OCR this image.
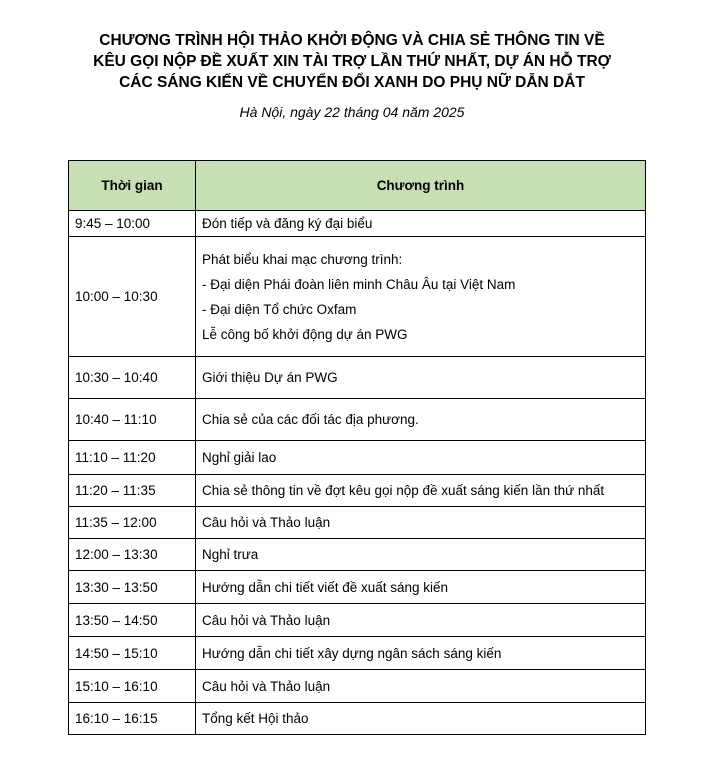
CHƯƠNG TRÌNH HỘI THẢO KHỞI ĐỘNG VÀ CHIA SẺ THÔNG TIN VỀ
KÊU GỌI NỘP ĐỀ XUẤT XIN TÀI TRỢ LẦN THỨ NHẤT, DỰ ÁN HỖ TRỢ
CÁC SÁNG KIẾN VỀ CHUYỂN ĐỔI XANH DO PHỤ NỮ DẪN DẮT
Hà Nội, ngày 22 tháng 04 năm 2025
Thời gian	Chương trình
9:45 – 10:00	Đón tiếp và đăng ký đại biểu
10:00 – 10:30	Phát biểu khai mạc chương trình:
- Đại diện Phái đoàn liên minh Châu Âu tại Việt Nam
- Đại diện Tổ chức Oxfam
Lễ công bố khởi động dự án PWG

10:30 – 10:40	Giới thiệu Dự án PWG
10:40 – 11:10	Chia sẻ của các đối tác địa phương.
11:10 – 11:20	Nghỉ giải lao
11:20 – 11:35	Chia sẻ thông tin về đợt kêu gọi nộp đề xuất sáng kiến lần thứ nhất
11:35 – 12:00	Câu hỏi và Thảo luận
12:00 – 13:30	Nghỉ trưa
13:30 – 13:50	Hướng dẫn chi tiết viết đề xuất sáng kiến
13:50 – 14:50	Câu hỏi và Thảo luận
14:50 – 15:10	Hướng dẫn chi tiết xây dựng ngân sách sáng kiến
15:10 – 16:10	Câu hỏi và Thảo luận
16:10 – 16:15	Tổng kết Hội thảo
